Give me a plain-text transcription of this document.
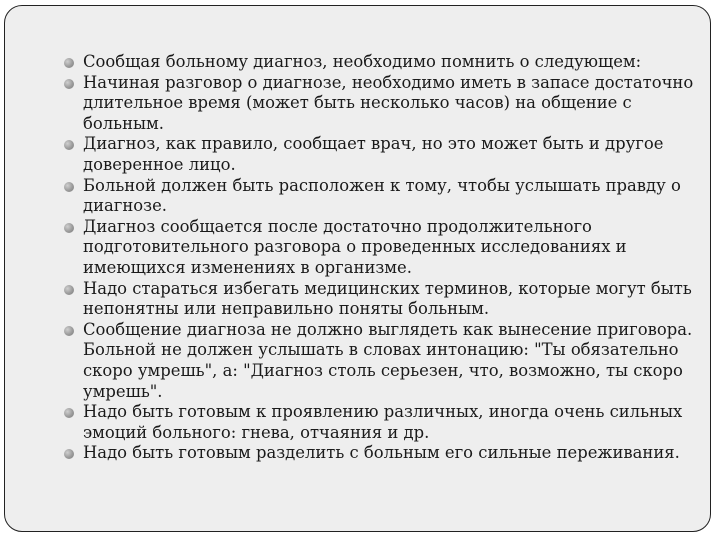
Сообщая больному диагноз, необходимо помнить о следующем:
Начиная разговор о диагнозе, необходимо иметь в запасе достаточно длительное время (может быть несколько часов) на общение с больным.
Диагноз, как правило, сообщает врач, но это может быть и другое доверенное лицо.
Больной должен быть расположен к тому, чтобы услышать правду о диагнозе.
Диагноз сообщается после достаточно продолжительного подготовительного разговора о проведенных исследованиях и имеющихся изменениях в организме.
Надо стараться избегать медицинских терминов, которые могут быть непонятны или неправильно поняты больным.
Сообщение диагноза не должно выглядеть как вынесение приговора. Больной не должен услышать в словах интонацию: "Ты обязательно скоро умрешь", а: "Диагноз столь серьезен, что, возможно, ты скоро умрешь".
Надо быть готовым к проявлению различных, иногда очень сильных эмоций больного: гнева, отчаяния и др.
Надо быть готовым разделить с больным его сильные переживания.
